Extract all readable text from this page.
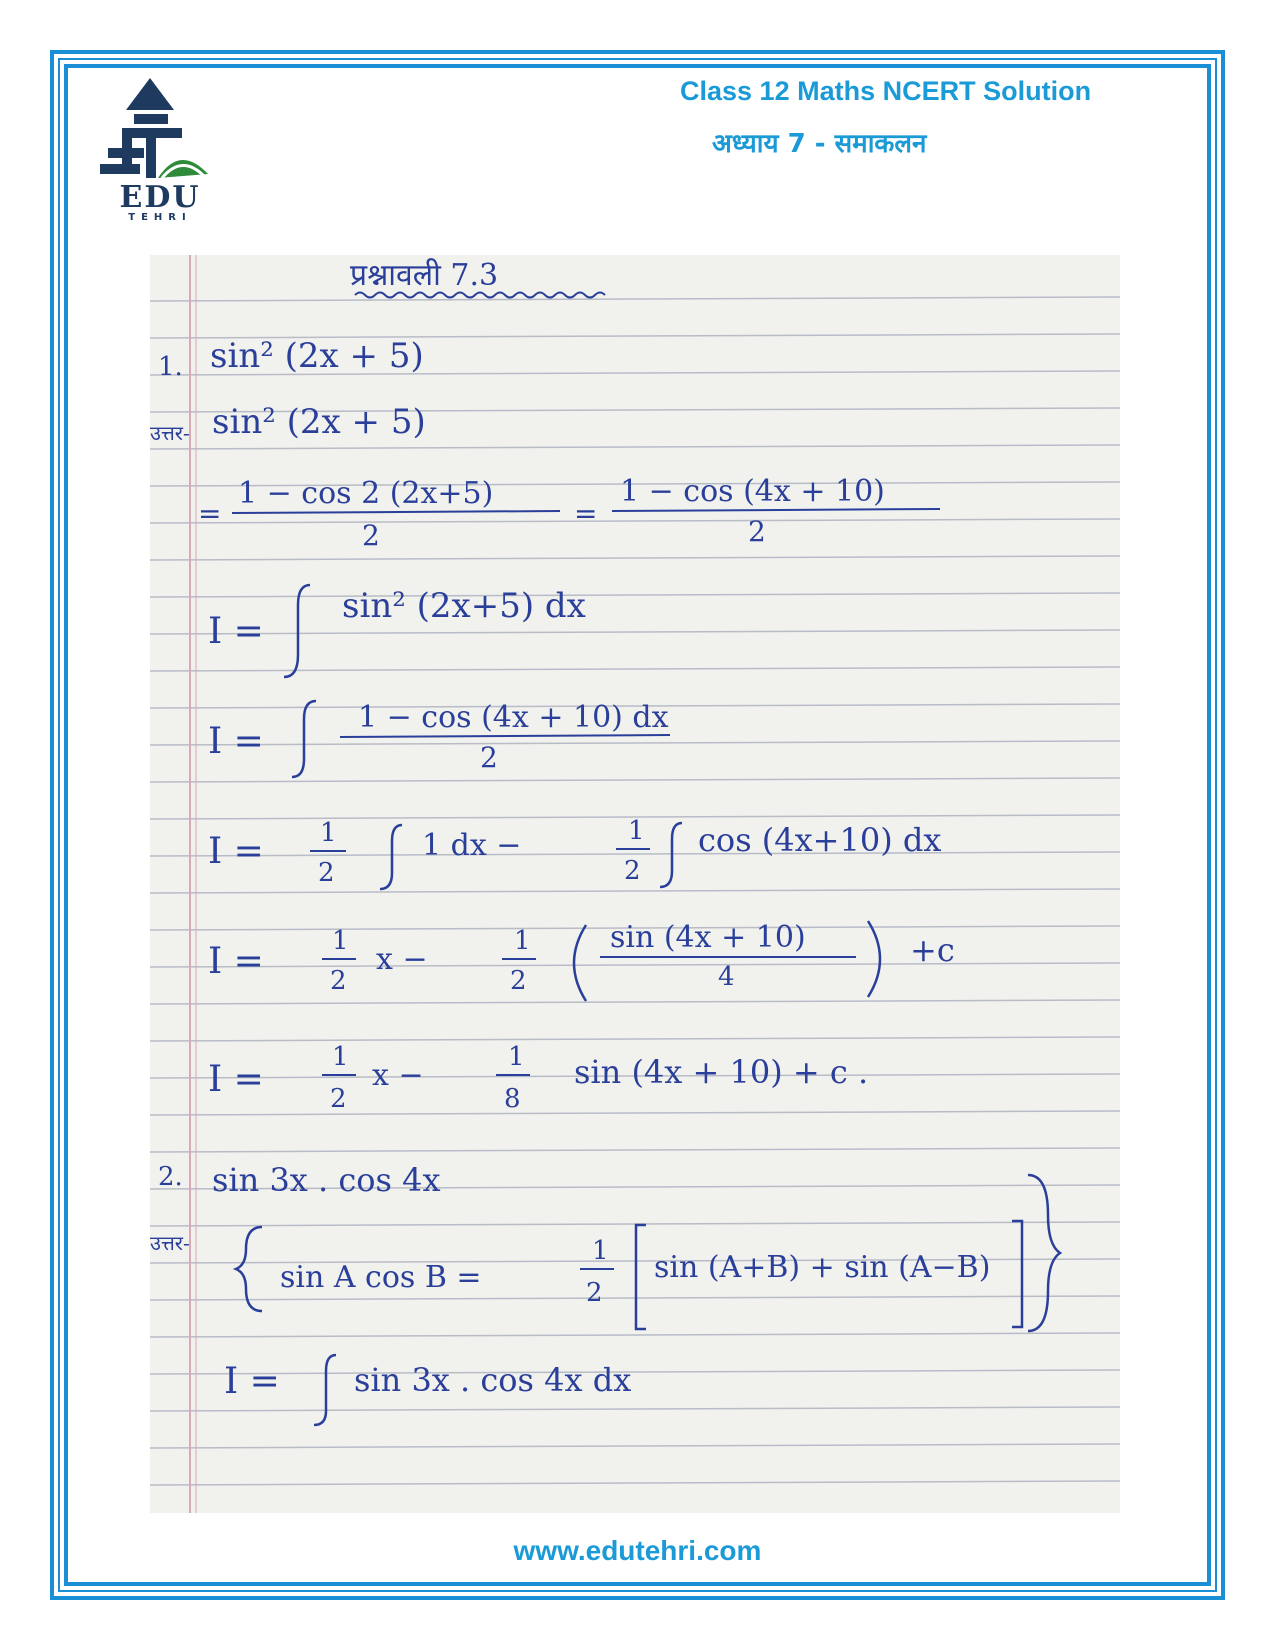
EDU
TEHRI
Class 12 Maths NCERT Solution
अध्याय 7 - समाकलन
प्रश्नावली 7.3
1. sin² (2x + 5)
उत्तर- sin² (2x + 5)
=
1 − cos 2 (2x+5)
2
=
1 − cos (4x + 10)
2
I =
sin² (2x+5) dx
I =
1 − cos (4x + 10) dx
2
I = 1
2
1 dx −	1
2
cos (4x+10) dx
I =	1
2
x −
1
2
sin (4x + 10)
4
+c
I =
1
2
x −
1
8
sin (4x + 10) + c .
2. sin 3x . cos 4x
उत्तर-
sin A cos B =
1
2
sin (A+B) + sin (A−B)
I = sin 3x . cos 4x dx
www.edutehri.com
